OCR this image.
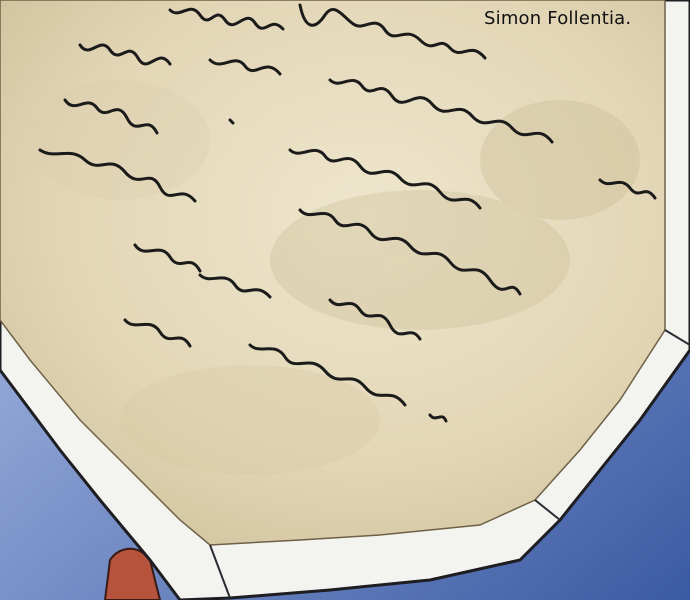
Simon Follentia.
